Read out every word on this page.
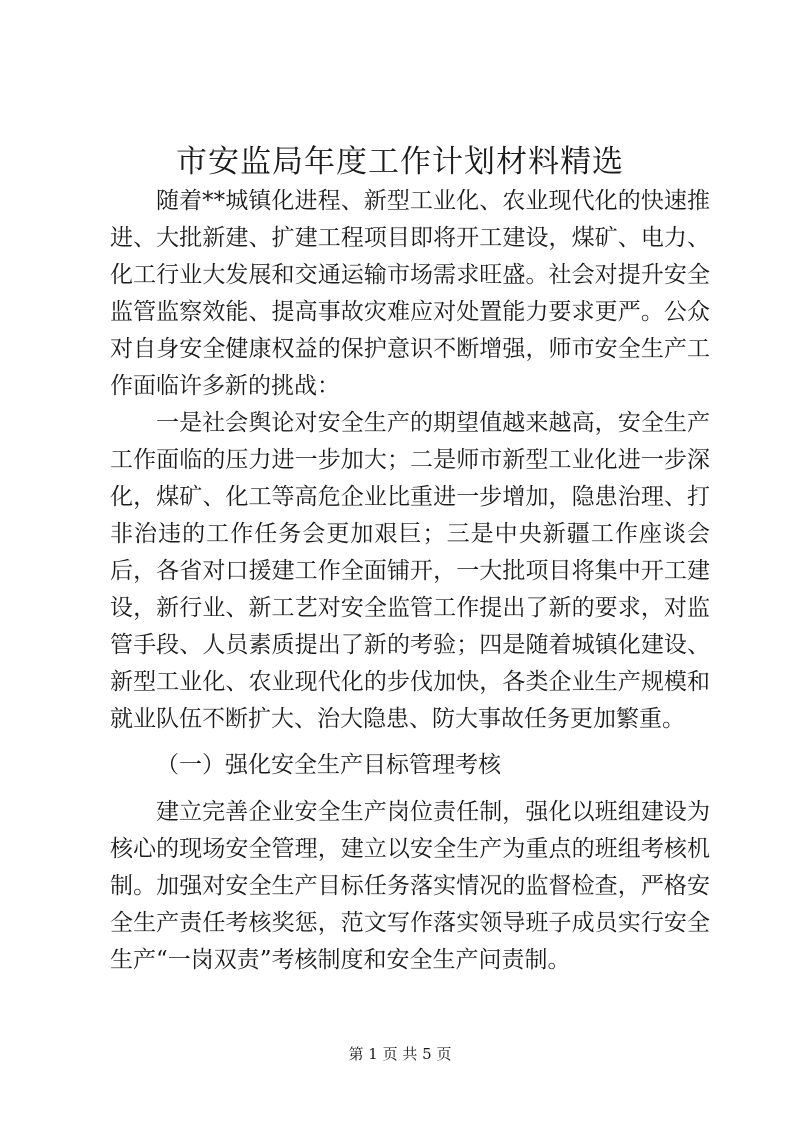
市安监局年度工作计划材料精选

随着**城镇化进程、新型工业化、农业现代化的快速推进、大批新建、扩建工程项目即将开工建设，煤矿、电力、化工行业大发展和交通运输市场需求旺盛。社会对提升安全监管监察效能、提高事故灾难应对处置能力要求更严。公众对自身安全健康权益的保护意识不断增强，师市安全生产工作面临许多新的挑战：

一是社会舆论对安全生产的期望值越来越高，安全生产工作面临的压力进一步加大；二是师市新型工业化进一步深化，煤矿、化工等高危企业比重进一步增加，隐患治理、打非治违的工作任务会更加艰巨；三是中央新疆工作座谈会后，各省对口援建工作全面铺开，一大批项目将集中开工建设，新行业、新工艺对安全监管工作提出了新的要求，对监管手段、人员素质提出了新的考验；四是随着城镇化建设、新型工业化、农业现代化的步伐加快，各类企业生产规模和就业队伍不断扩大、治大隐患、防大事故任务更加繁重。

（一）强化安全生产目标管理考核

建立完善企业安全生产岗位责任制，强化以班组建设为核心的现场安全管理，建立以安全生产为重点的班组考核机制。加强对安全生产目标任务落实情况的监督检查，严格安全生产责任考核奖惩，范文写作落实领导班子成员实行安全生产“一岗双责”考核制度和安全生产问责制。

第 1 页 共 5 页
